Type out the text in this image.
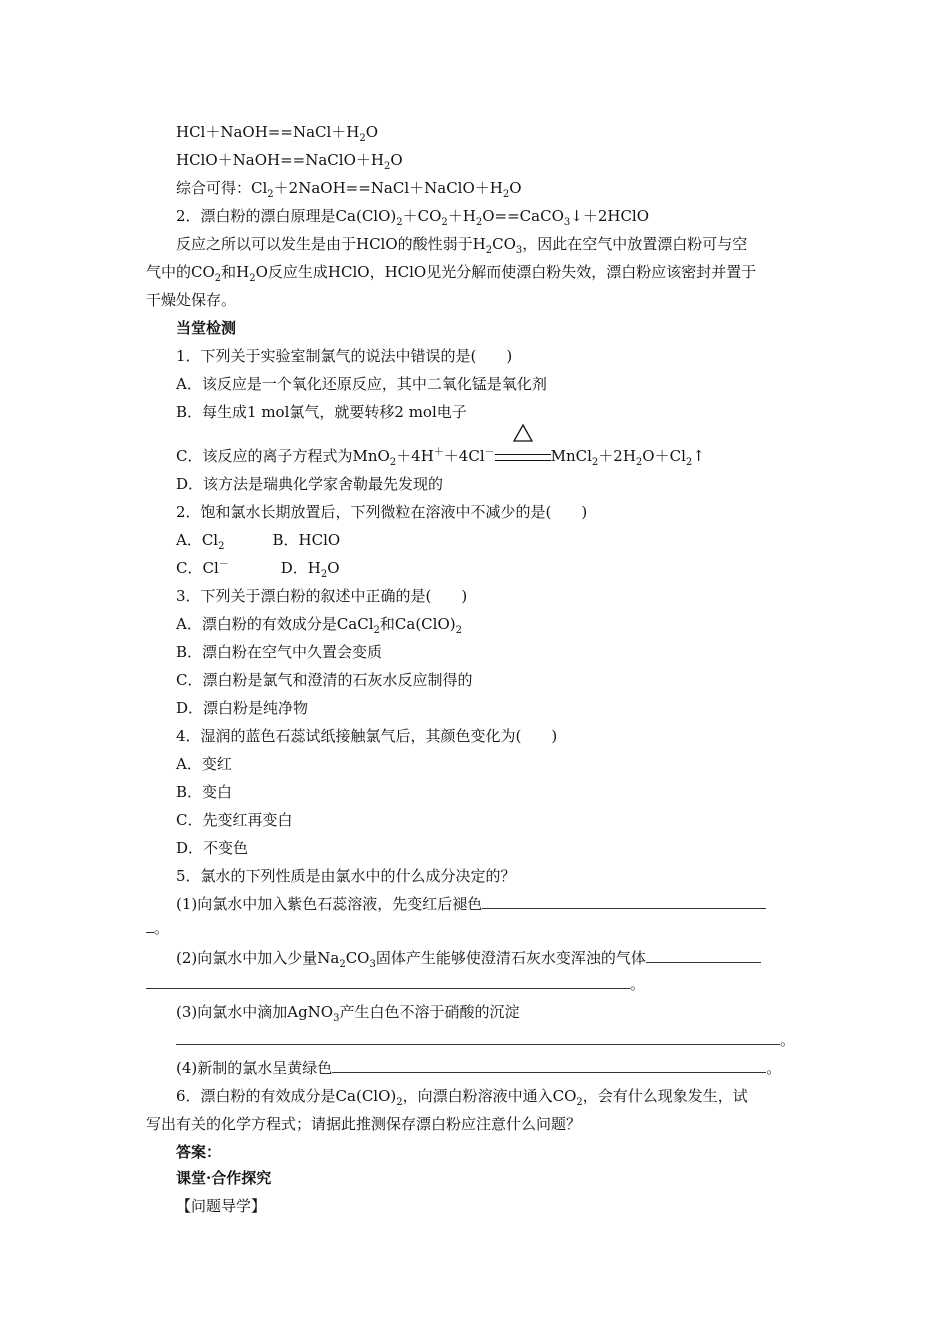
$HCl+NaOH==NaCl+H_2O$
$HClO+NaOH==NaClO+H_2O$
综合可得：$Cl_2+2NaOH==NaCl+NaClO+H_2O$
2．漂白粉的漂白原理是$Ca(ClO)_2+CO_2+H_2O==CaCO_3↓+2HClO$
反应之所以可以发生是由于HClO的酸性弱于$H_2CO_3$，因此在空气中放置漂白粉可与空
气中的$CO_2$和$H_2O$反应生成HClO，HClO见光分解而使漂白粉失效，漂白粉应该密封并置于
干燥处保存。
当堂检测
1．下列关于实验室制氯气的说法中错误的是(　　)
A．该反应是一个氧化还原反应，其中二氧化锰是氧化剂
B．每生成1 mol氯气，就要转移2 mol电子
C．该反应的离子方程式为MnO$_2$＋4H＋＋4Cl－	$MnCl_2+2H_2O+Cl_2↑$
D．该方法是瑞典化学家舍勒最先发现的
2．饱和氯水长期放置后，下列微粒在溶液中不减少的是(　　)
A．$Cl_2$	B．HClO
C．Cl－	D．$H_2O$
3．下列关于漂白粉的叙述中正确的是(　　)
A．漂白粉的有效成分是CaCl$_2$和$Ca(ClO)_2$
B．漂白粉在空气中久置会变质
C．漂白粉是氯气和澄清的石灰水反应制得的
D．漂白粉是纯净物
4．湿润的蓝色石蕊试纸接触氯气后，其颜色变化为(　　)
A．变红
B．变白
C．先变红再变白
D．不变色
5．氯水的下列性质是由氯水中的什么成分决定的？
(1)向氯水中加入紫色石蕊溶液，先变红后褪色
。
(2)向氯水中加入少量$Na_2CO_3$固体产生能够使澄清石灰水变浑浊的气体
。
(3)向氯水中滴加AgNO$_3$产生白色不溶于硝酸的沉淀
。
(4)新制的氯水呈黄绿色	。
6．漂白粉的有效成分是$Ca(ClO)_2$，向漂白粉溶液中通入$CO_2$，会有什么现象发生，试
写出有关的化学方程式；请据此推测保存漂白粉应注意什么问题？
答案：
课堂·合作探究
【问题导学】
